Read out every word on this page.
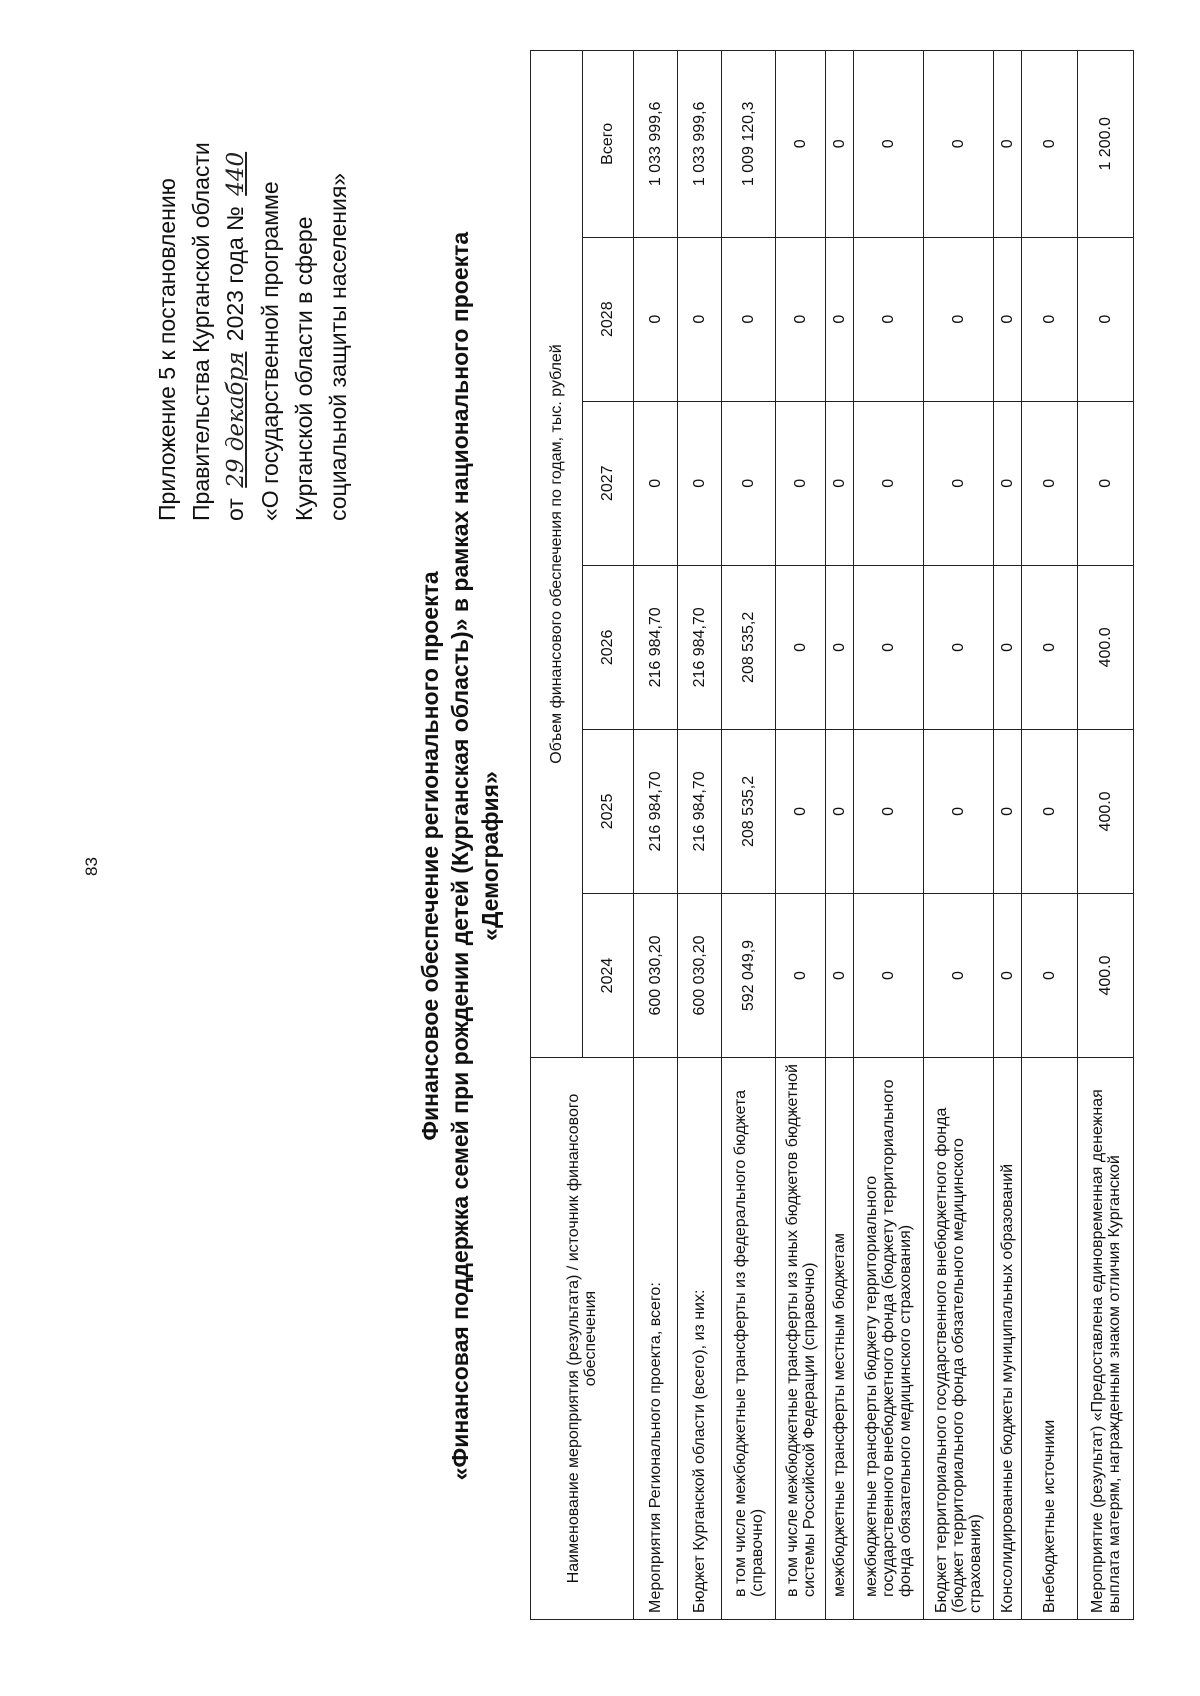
83
Приложение 5 к постановлению Правительства Курганской области от 29 декабря 2023 года № 440
«О государственной программе Курганской области в сфере социальной защиты населения»
Финансовое обеспечение регионального проекта «Финансовая поддержка семей при рождении детей (Курганская область)» в рамках национального проекта «Демография»
Наименование мероприятия (результата) / источник финансового обеспечения	Объем финансового обеспечения по годам, тыс. рублей					
	2024	2025	2026	2027	2028	Всего
Мероприятия Регионального проекта, всего:	600 030,20	216 984,70	216 984,70	0	0	1 033 999,6
Бюджет Курганской области (всего), из них:	600 030,20	216 984,70	216 984,70	0	0	1 033 999,6
в том числе межбюджетные трансферты из федерального бюджета (справочно)	592 049,9	208 535,2	208 535,2	0	0	1 009 120,3
в том числе межбюджетные трансферты из иных бюджетов бюджетной системы Российской Федерации (справочно)	0	0	0	0	0	0
межбюджетные трансферты местным бюджетам	0	0	0	0	0	0
межбюджетные трансферты бюджету территориального государственного внебюджетного фонда (бюджету территориального фонда обязательного медицинского страхования)	0	0	0	0	0	0
Бюджет территориального государственного внебюджетного фонда (бюджет территориального фонда обязательного медицинского страхования)	0	0	0	0	0	0
Консолидированные бюджеты муниципальных образований	0	0	0	0	0	0
Внебюджетные источники	0	0	0	0	0	0
Мероприятие (результат) «Предоставлена единовременная денежная выплата матерям, награжденным знаком отличия Курганской	400.0	400.0	400.0	0	0	1 200.0
